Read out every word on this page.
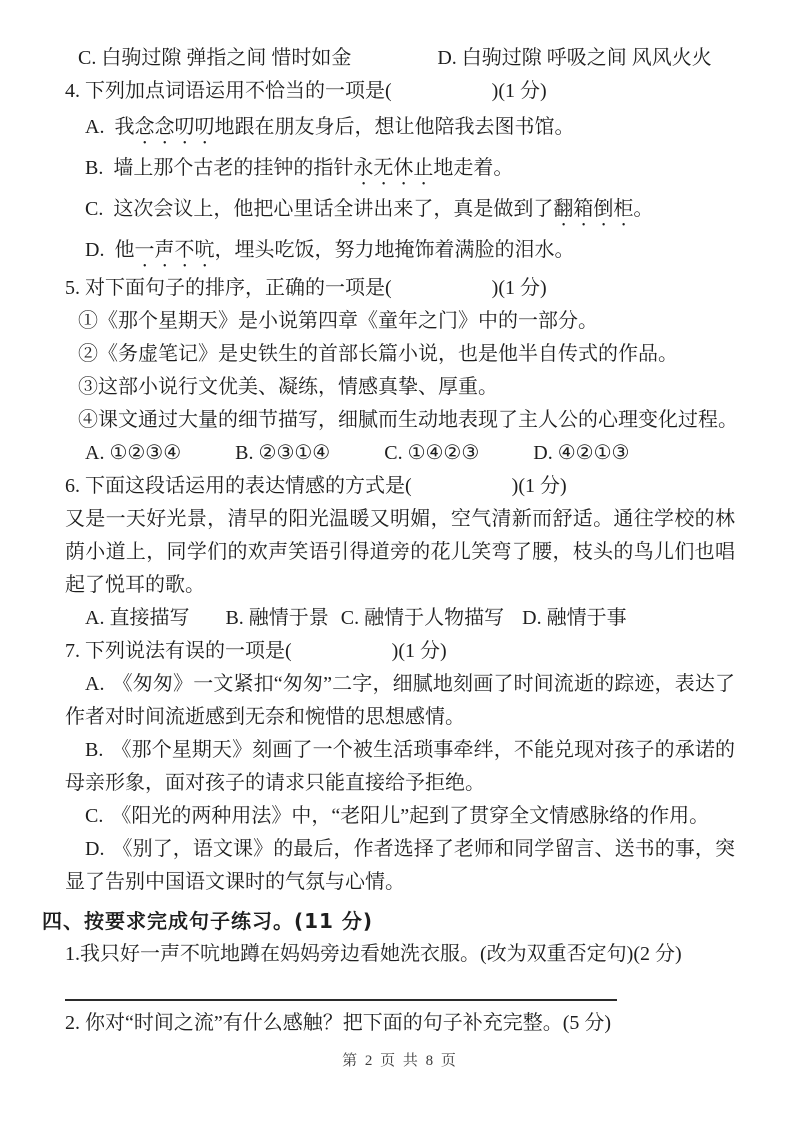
C. 白驹过隙 弹指之间 惜时如金	D. 白驹过隙 呼吸之间 风风火火
4. 下列加点词语运用不恰当的一项是(　　　　　)(1 分)
A. 我念念叨叨地跟在朋友身后，想让他陪我去图书馆。
B. 墙上那个古老的挂钟的指针永无休止地走着。
C. 这次会议上，他把心里话全讲出来了，真是做到了翻箱倒柜。
D. 他一声不吭，埋头吃饭，努力地掩饰着满脸的泪水。
5. 对下面句子的排序，正确的一项是(　　　　　)(1 分)
①《那个星期天》是小说第四章《童年之门》中的一部分。
②《务虚笔记》是史铁生的首部长篇小说，也是他半自传式的作品。
③这部小说行文优美、凝练，情感真挚、厚重。
④课文通过大量的细节描写，细腻而生动地表现了主人公的心理变化过程。
A. ①②③④	B. ②③①④	C. ①④②③	D. ④②①③
6. 下面这段话运用的表达情感的方式是(　　　　　)(1 分)
又是一天好光景，清早的阳光温暖又明媚，空气清新而舒适。通往学校的林荫小道上，同学们的欢声笑语引得道旁的花儿笑弯了腰，枝头的鸟儿们也唱起了悦耳的歌。
A. 直接描写 B. 融情于景 C. 融情于人物描写 D. 融情于事
7. 下列说法有误的一项是(　　　　　)(1 分)

A. 《匆匆》一文紧扣“匆匆”二字，细腻地刻画了时间流逝的踪迹，表达了作者对时间流逝感到无奈和惋惜的思想感情。

B. 《那个星期天》刻画了一个被生活琐事牵绊，不能兑现对孩子的承诺的母亲形象，面对孩子的请求只能直接给予拒绝。

C. 《阳光的两种用法》中，“老阳儿”起到了贯穿全文情感脉络的作用。

D. 《别了，语文课》的最后，作者选择了老师和同学留言、送书的事，突显了告别中国语文课时的气氛与心情。

四、按要求完成句子练习。(11 分)
1.我只好一声不吭地蹲在妈妈旁边看她洗衣服。(改为双重否定句)(2 分)
2. 你对“时间之流”有什么感触？把下面的句子补充完整。(5 分)
第 2 页 共 8 页
